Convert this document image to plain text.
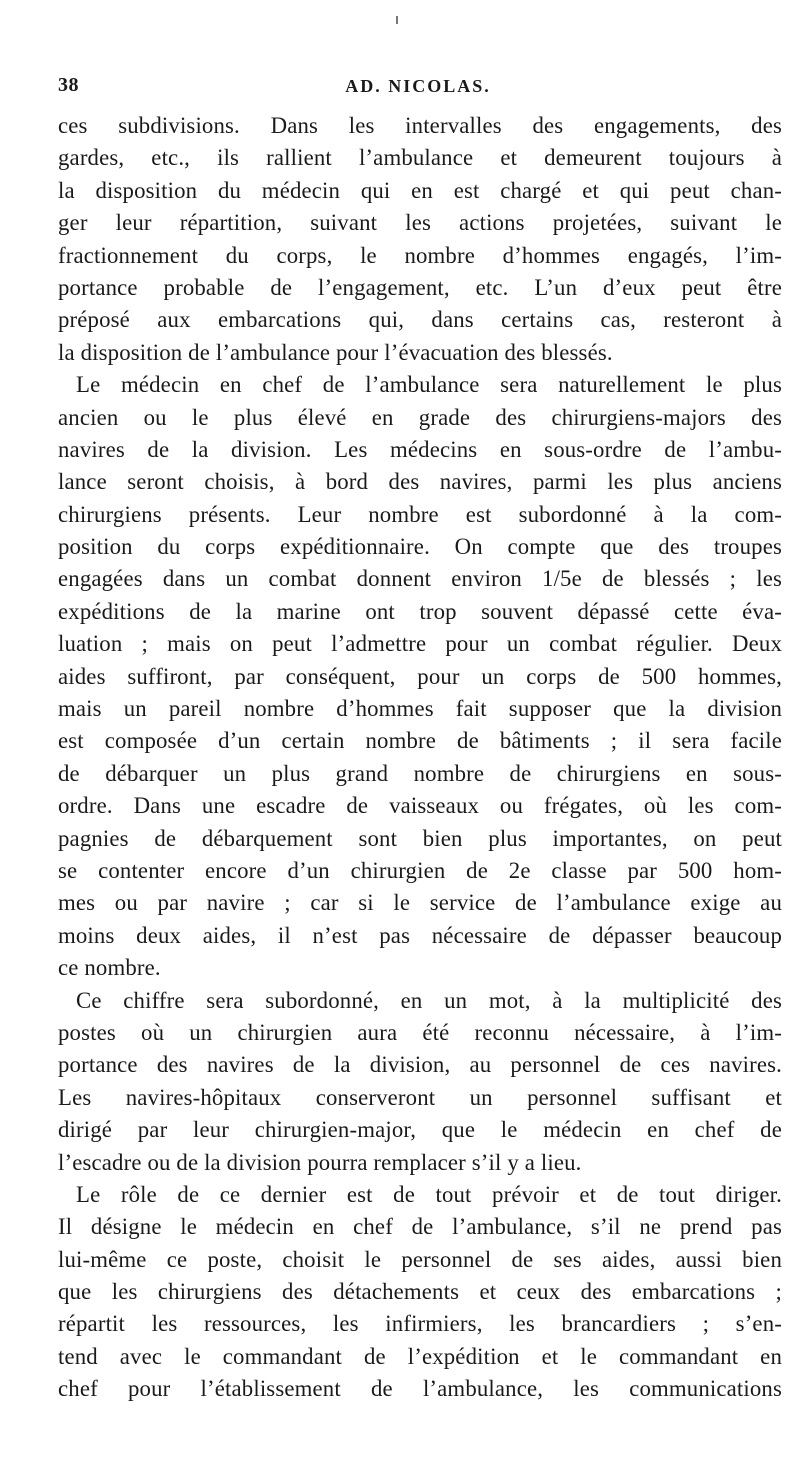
38	AD. NICOLAS.
ces subdivisions. Dans les intervalles des engagements, des
gardes, etc., ils rallient l’ambulance et demeurent toujours à
la disposition du médecin qui en est chargé et qui peut chan-
ger leur répartition, suivant les actions projetées, suivant le
fractionnement du corps, le nombre d’hommes engagés, l’im-
portance probable de l’engagement, etc. L’un d’eux peut être
préposé aux embarcations qui, dans certains cas, resteront à
la disposition de l’ambulance pour l’évacuation des blessés.
Le médecin en chef de l’ambulance sera naturellement le plus
ancien ou le plus élevé en grade des chirurgiens-majors des
navires de la division. Les médecins en sous-ordre de l’ambu-
lance seront choisis, à bord des navires, parmi les plus anciens
chirurgiens présents. Leur nombre est subordonné à la com-
position du corps expéditionnaire. On compte que des troupes
engagées dans un combat donnent environ 1/5e de blessés ; les
expéditions de la marine ont trop souvent dépassé cette éva-
luation ; mais on peut l’admettre pour un combat régulier. Deux
aides suffiront, par conséquent, pour un corps de 500 hommes,
mais un pareil nombre d’hommes fait supposer que la division
est composée d’un certain nombre de bâtiments ; il sera facile
de débarquer un plus grand nombre de chirurgiens en sous-
ordre. Dans une escadre de vaisseaux ou frégates, où les com-
pagnies de débarquement sont bien plus importantes, on peut
se contenter encore d’un chirurgien de 2e classe par 500 hom-
mes ou par navire ; car si le service de l’ambulance exige au
moins deux aides, il n’est pas nécessaire de dépasser beaucoup
ce nombre.
Ce chiffre sera subordonné, en un mot, à la multiplicité des
postes où un chirurgien aura été reconnu nécessaire, à l’im-
portance des navires de la division, au personnel de ces navires.
Les navires-hôpitaux conserveront un personnel suffisant et
dirigé par leur chirurgien-major, que le médecin en chef de
l’escadre ou de la division pourra remplacer s’il y a lieu.
Le rôle de ce dernier est de tout prévoir et de tout diriger.
Il désigne le médecin en chef de l’ambulance, s’il ne prend pas
lui-même ce poste, choisit le personnel de ses aides, aussi bien
que les chirurgiens des détachements et ceux des embarcations ;
répartit les ressources, les infirmiers, les brancardiers ; s’en-
tend avec le commandant de l’expédition et le commandant en
chef pour l’établissement de l’ambulance, les communications
